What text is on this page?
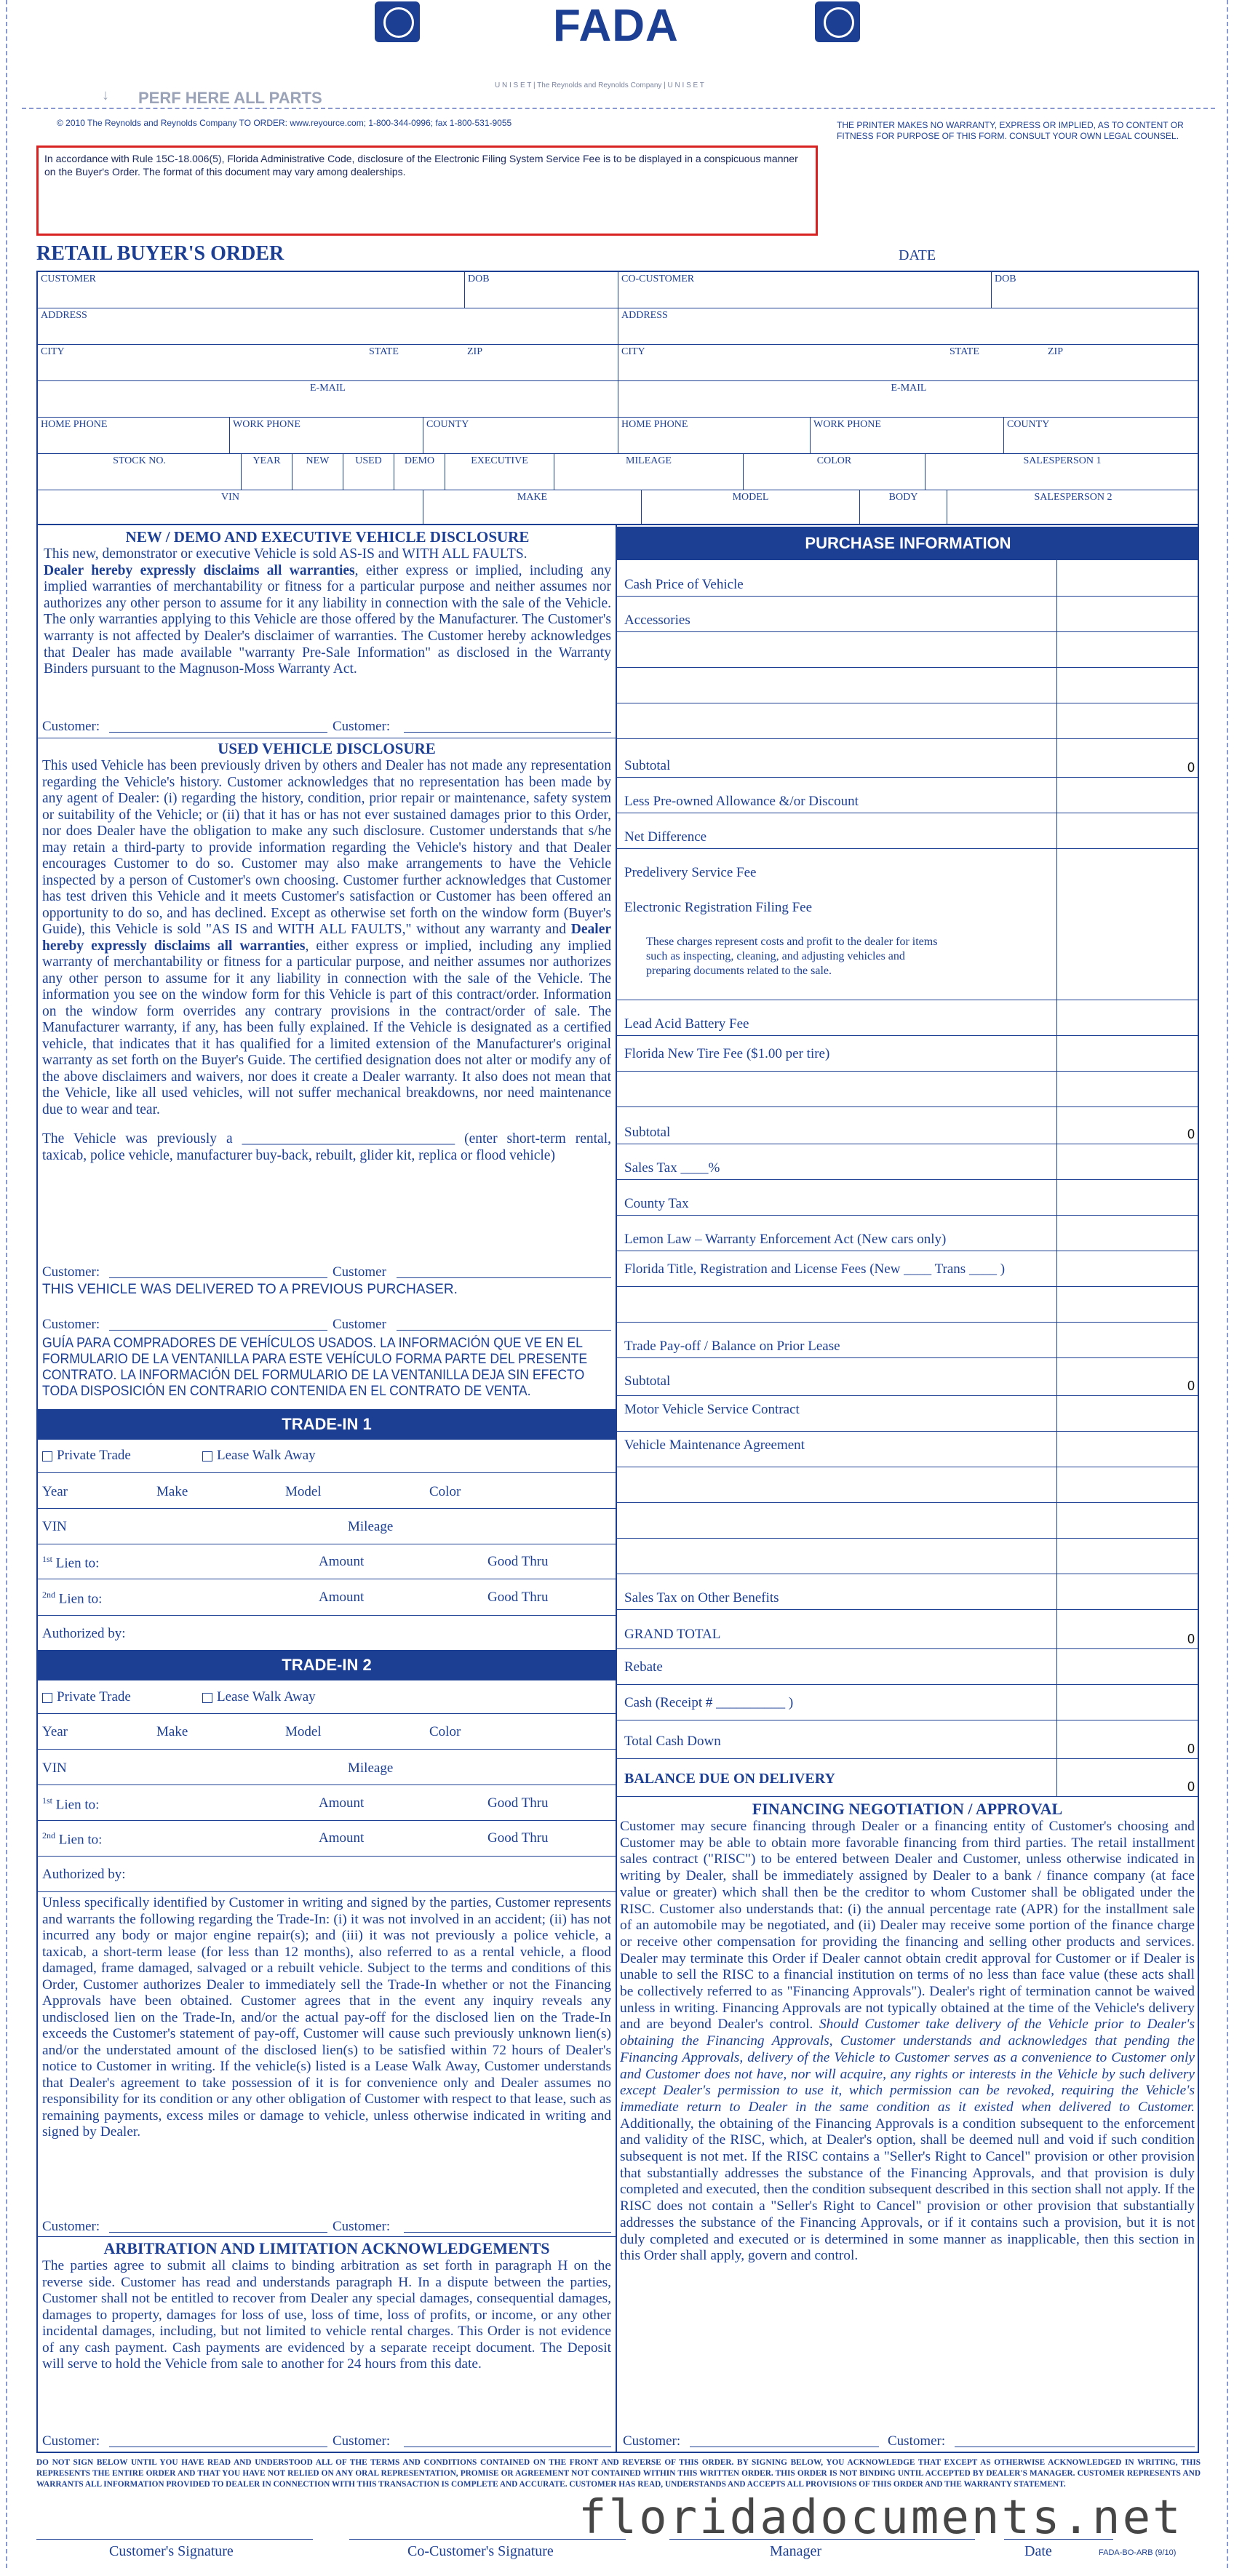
FADA
↓ PERF HERE ALL PARTS
U N I S E T | The Reynolds and Reynolds Company | U N I S E T
© 2010 The Reynolds and Reynolds Company TO ORDER: www.reyource.com; 1-800-344-0996; fax 1-800-531-9055	THE PRINTER MAKES NO WARRANTY, EXPRESS OR IMPLIED, AS TO CONTENT OR FITNESS FOR PURPOSE OF THIS FORM. CONSULT YOUR OWN LEGAL COUNSEL.
In accordance with Rule 15C-18.006(5), Florida Administrative Code, disclosure of the Electronic Filing System Service Fee is to be displayed in a conspicuous manner on the Buyer's Order. The format of this document may vary among dealerships.
RETAIL BUYER'S ORDER	DATE
CUSTOMER	DOB	CO-CUSTOMER	DOB
ADDRESS	ADDRESS
CITY	STATE	ZIP	CITY	STATE	ZIP
E-MAIL	E-MAIL
HOME PHONE	WORK PHONE	COUNTY	HOME PHONE	WORK PHONE	COUNTY
STOCK NO.	YEAR	NEW	USED	DEMO	EXECUTIVE	MILEAGE	COLOR	SALESPERSON 1
VIN	MAKE	MODEL	BODY	SALESPERSON 2
NEW / DEMO AND EXECUTIVE VEHICLE DISCLOSURE
This new, demonstrator or executive Vehicle is sold AS-IS and WITH ALL FAULTS.
Dealer hereby expressly disclaims all warranties, either express or implied, including any implied warranties of merchantability or fitness for a particular purpose and neither assumes nor authorizes any other person to assume for it any liability in connection with the sale of the Vehicle. The only warranties applying to this Vehicle are those offered by the Manufacturer. The Customer's warranty is not affected by Dealer's disclaimer of warranties. The Customer hereby acknowledges that Dealer has made available "warranty Pre-Sale Information" as disclosed in the Warranty Binders pursuant to the Magnuson-Moss Warranty Act.
Customer:	Customer:
USED VEHICLE DISCLOSURE
This used Vehicle has been previously driven by others and Dealer has not made any representation regarding the Vehicle's history. Customer acknowledges that no representation has been made by any agent of Dealer: (i) regarding the history, condition, prior repair or maintenance, safety system or suitability of the Vehicle; or (ii) that it has or has not ever sustained damages prior to this Order, nor does Dealer have the obligation to make any such disclosure. Customer understands that s/he may retain a third-party to provide information regarding the Vehicle's history and that Dealer encourages Customer to do so. Customer may also make arrangements to have the Vehicle inspected by a person of Customer's own choosing. Customer further acknowledges that Customer has test driven this Vehicle and it meets Customer's satisfaction or Customer has been offered an opportunity to do so, and has declined. Except as otherwise set forth on the window form (Buyer's Guide), this Vehicle is sold "AS IS and WITH ALL FAULTS," without any warranty and Dealer hereby expressly disclaims all warranties, either express or implied, including any implied warranty of merchantability or fitness for a particular purpose, and neither assumes nor authorizes any other person to assume for it any liability in connection with the sale of the Vehicle. The information you see on the window form for this Vehicle is part of this contract/order. Information on the window form overrides any contrary provisions in the contract/order of sale. The Manufacturer warranty, if any, has been fully explained. If the Vehicle is designated as a certified vehicle, that indicates that it has qualified for a limited extension of the Manufacturer's original warranty as set forth on the Buyer's Guide. The certified designation does not alter or modify any of the above disclaimers and waivers, nor does it create a Dealer warranty. It also does not mean that the Vehicle, like all used vehicles, will not suffer mechanical breakdowns, nor need maintenance due to wear and tear.
The Vehicle was previously a ______________________________ (enter short-term rental, taxicab, police vehicle, manufacturer buy-back, rebuilt, glider kit, replica or flood vehicle)
Customer:	Customer
THIS VEHICLE WAS DELIVERED TO A PREVIOUS PURCHASER.
Customer:	Customer
GUÍA PARA COMPRADORES DE VEHÍCULOS USADOS. LA INFORMACIÓN QUE VE EN EL FORMULARIO DE LA VENTANILLA PARA ESTE VEHÍCULO FORMA PARTE DEL PRESENTE CONTRATO. LA INFORMACIÓN DEL FORMULARIO DE LA VENTANILLA DEJA SIN EFECTO TODA DISPOSICIÓN EN CONTRARIO CONTENIDA EN EL CONTRATO DE VENTA.
TRADE-IN 1
Private Trade	Lease Walk Away
Year	Make	Model	Color
VIN	Mileage
$^{1st}$ Lien to:	Amount	Good Thru
$^{2nd}$ Lien to:	Amount	Good Thru
Authorized by:
TRADE-IN 2
Private Trade	Lease Walk Away
Year	Make	Model	Color
VIN	Mileage
$^{1st}$ Lien to:	Amount	Good Thru
$^{2nd}$ Lien to:	Amount	Good Thru
Authorized by:
Unless specifically identified by Customer in writing and signed by the parties, Customer represents and warrants the following regarding the Trade-In: (i) it was not involved in an accident; (ii) has not incurred any body or major engine repair(s); and (iii) it was not previously a police vehicle, a taxicab, a short-term lease (for less than 12 months), also referred to as a rental vehicle, a flood damaged, frame damaged, salvaged or a rebuilt vehicle. Subject to the terms and conditions of this Order, Customer authorizes Dealer to immediately sell the Trade-In whether or not the Financing Approvals have been obtained. Customer agrees that in the event any inquiry reveals any undisclosed lien on the Trade-In, and/or the actual pay-off for the disclosed lien on the Trade-In exceeds the Customer's statement of pay-off, Customer will cause such previously unknown lien(s) and/or the understated amount of the disclosed lien(s) to be satisfied within 72 hours of Dealer's notice to Customer in writing. If the vehicle(s) listed is a Lease Walk Away, Customer understands that Dealer's agreement to take possession of it is for convenience only and Dealer assumes no responsibility for its condition or any other obligation of Customer with respect to that lease, such as remaining payments, excess miles or damage to vehicle, unless otherwise indicated in writing and signed by Dealer.
Customer:	Customer:
ARBITRATION AND LIMITATION ACKNOWLEDGEMENTS
The parties agree to submit all claims to binding arbitration as set forth in paragraph H on the reverse side. Customer has read and understands paragraph H. In a dispute between the parties, Customer shall not be entitled to recover from Dealer any special damages, consequential damages, damages to property, damages for loss of use, loss of time, loss of profits, or income, or any other incidental damages, including, but not limited to vehicle rental charges. This Order is not evidence of any cash payment. Cash payments are evidenced by a separate receipt document. The Deposit will serve to hold the Vehicle from sale to another for 24 hours from this date.
Customer:	Customer:
PURCHASE INFORMATION
Cash Price of Vehicle
Accessories
Subtotal	0
Less Pre-owned Allowance &/or Discount
Net Difference
Predelivery Service Fee
Electronic Registration Filing Fee
These charges represent costs and profit to the dealer for items such as inspecting, cleaning, and adjusting vehicles and preparing documents related to the sale.
Lead Acid Battery Fee
Florida New Tire Fee ($1.00 per tire)
Subtotal	0
Sales Tax ____%
County Tax
Lemon Law – Warranty Enforcement Act (New cars only)
Florida Title, Registration and License Fees (New ____ Trans ____ )
Trade Pay-off / Balance on Prior Lease
Subtotal	0
Motor Vehicle Service Contract
Vehicle Maintenance Agreement
Sales Tax on Other Benefits
GRAND TOTAL	0
Rebate
Cash (Receipt # __________ )
Total Cash Down	0
BALANCE DUE ON DELIVERY	0
FINANCING NEGOTIATION / APPROVAL
Customer may secure financing through Dealer or a financing entity of Customer's choosing and Customer may be able to obtain more favorable financing from third parties. The retail installment sales contract ("RISC") to be entered between Dealer and Customer, unless otherwise indicated in writing by Dealer, shall be immediately assigned by Dealer to a bank / finance company (at face value or greater) which shall then be the creditor to whom Customer shall be obligated under the RISC. Customer also understands that: (i) the annual percentage rate (APR) for the installment sale of an automobile may be negotiated, and (ii) Dealer may receive some portion of the finance charge or receive other compensation for providing the financing and selling other products and services. Dealer may terminate this Order if Dealer cannot obtain credit approval for Customer or if Dealer is unable to sell the RISC to a financial institution on terms of no less than face value (these acts shall be collectively referred to as "Financing Approvals"). Dealer's right of termination cannot be waived unless in writing. Financing Approvals are not typically obtained at the time of the Vehicle's delivery and are beyond Dealer's control. Should Customer take delivery of the Vehicle prior to Dealer's obtaining the Financing Approvals, Customer understands and acknowledges that pending the Financing Approvals, delivery of the Vehicle to Customer serves as a convenience to Customer only and Customer does not have, nor will acquire, any rights or interests in the Vehicle by such delivery except Dealer's permission to use it, which permission can be revoked, requiring the Vehicle's immediate return to Dealer in the same condition as it existed when delivered to Customer. Additionally, the obtaining of the Financing Approvals is a condition subsequent to the enforcement and validity of the RISC, which, at Dealer's option, shall be deemed null and void if such condition subsequent is not met. If the RISC contains a "Seller's Right to Cancel" provision or other provision that substantially addresses the substance of the Financing Approvals, and that provision is duly completed and executed, then the condition subsequent described in this section shall not apply. If the RISC does not contain a "Seller's Right to Cancel" provision or other provision that substantially addresses the substance of the Financing Approvals, or if it contains such a provision, but it is not duly completed and executed or is determined in some manner as inapplicable, then this section in this Order shall apply, govern and control.
Customer:	Customer:
DO NOT SIGN BELOW UNTIL YOU HAVE READ AND UNDERSTOOD ALL OF THE TERMS AND CONDITIONS CONTAINED ON THE FRONT AND REVERSE OF THIS ORDER. BY SIGNING BELOW, YOU ACKNOWLEDGE THAT EXCEPT AS OTHERWISE ACKNOWLEDGED IN WRITING, THIS REPRESENTS THE ENTIRE ORDER AND THAT YOU HAVE NOT RELIED ON ANY ORAL REPRESENTATION, PROMISE OR AGREEMENT NOT CONTAINED WITHIN THIS WRITTEN ORDER. THIS ORDER IS NOT BINDING UNTIL ACCEPTED BY DEALER'S MANAGER. CUSTOMER REPRESENTS AND WARRANTS ALL INFORMATION PROVIDED TO DEALER IN CONNECTION WITH THIS TRANSACTION IS COMPLETE AND ACCURATE. CUSTOMER HAS READ, UNDERSTANDS AND ACCEPTS ALL PROVISIONS OF THIS ORDER AND THE WARRANTY STATEMENT.
Customer's Signature	Co-Customer's Signature	Manager	Date	FADA-BO-ARB (9/10)
floridadocuments.net
